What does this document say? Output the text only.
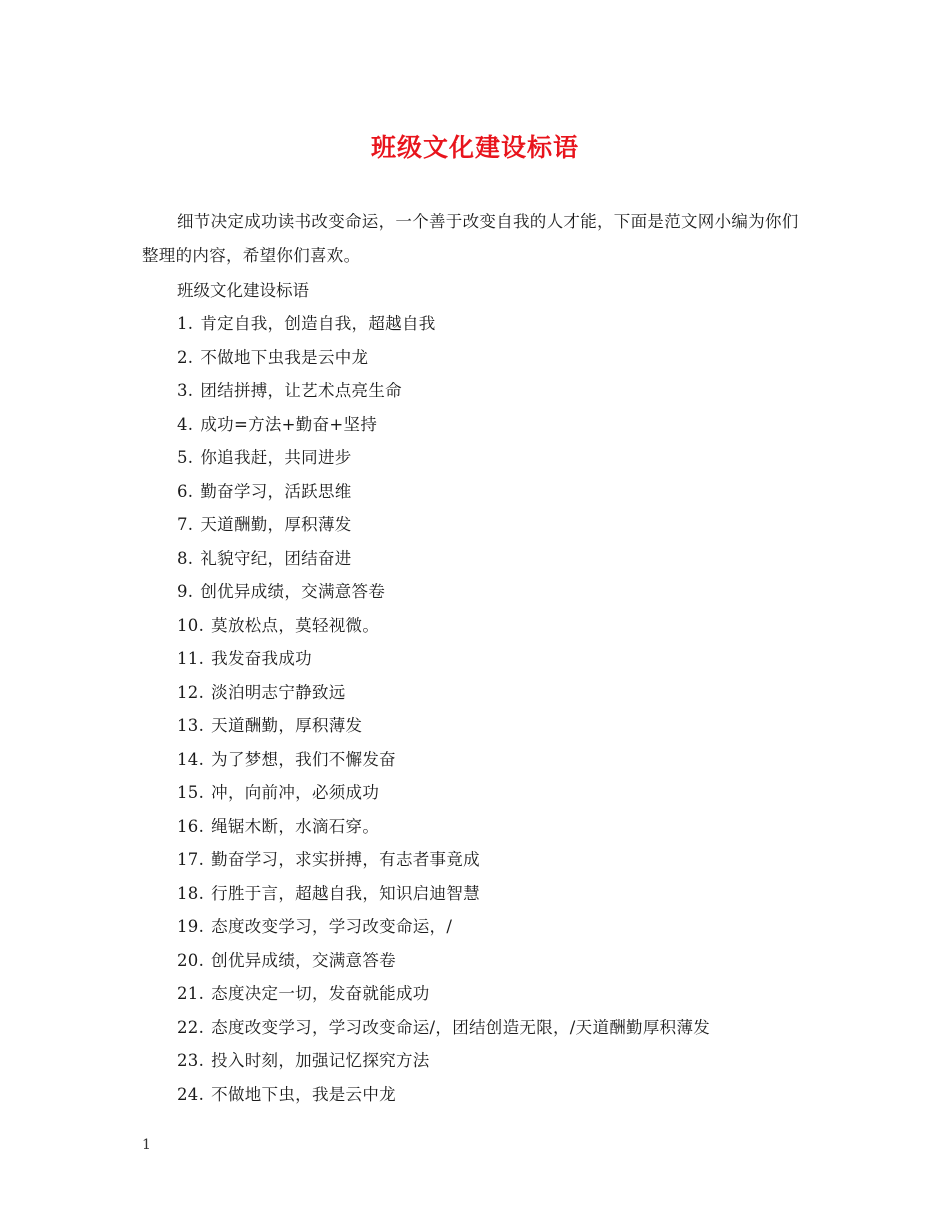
班级文化建设标语
细节决定成功读书改变命运，一个善于改变自我的人才能，下面是范文网小编为你们整理的内容，希望你们喜欢。
班级文化建设标语
1. 肯定自我，创造自我，超越自我
2. 不做地下虫我是云中龙
3. 团结拼搏，让艺术点亮生命
4. 成功=方法+勤奋+坚持
5. 你追我赶，共同进步
6. 勤奋学习，活跃思维
7. 天道酬勤，厚积薄发
8. 礼貌守纪，团结奋进
9. 创优异成绩，交满意答卷
10. 莫放松点，莫轻视微。
11. 我发奋我成功
12. 淡泊明志宁静致远
13. 天道酬勤，厚积薄发
14. 为了梦想，我们不懈发奋
15. 冲，向前冲，必须成功
16. 绳锯木断，水滴石穿。
17. 勤奋学习，求实拼搏，有志者事竟成
18. 行胜于言，超越自我，知识启迪智慧
19. 态度改变学习，学习改变命运，/
20. 创优异成绩，交满意答卷
21. 态度决定一切，发奋就能成功
22. 态度改变学习，学习改变命运/，团结创造无限，/天道酬勤厚积薄发
23. 投入时刻，加强记忆探究方法
24. 不做地下虫，我是云中龙
1
